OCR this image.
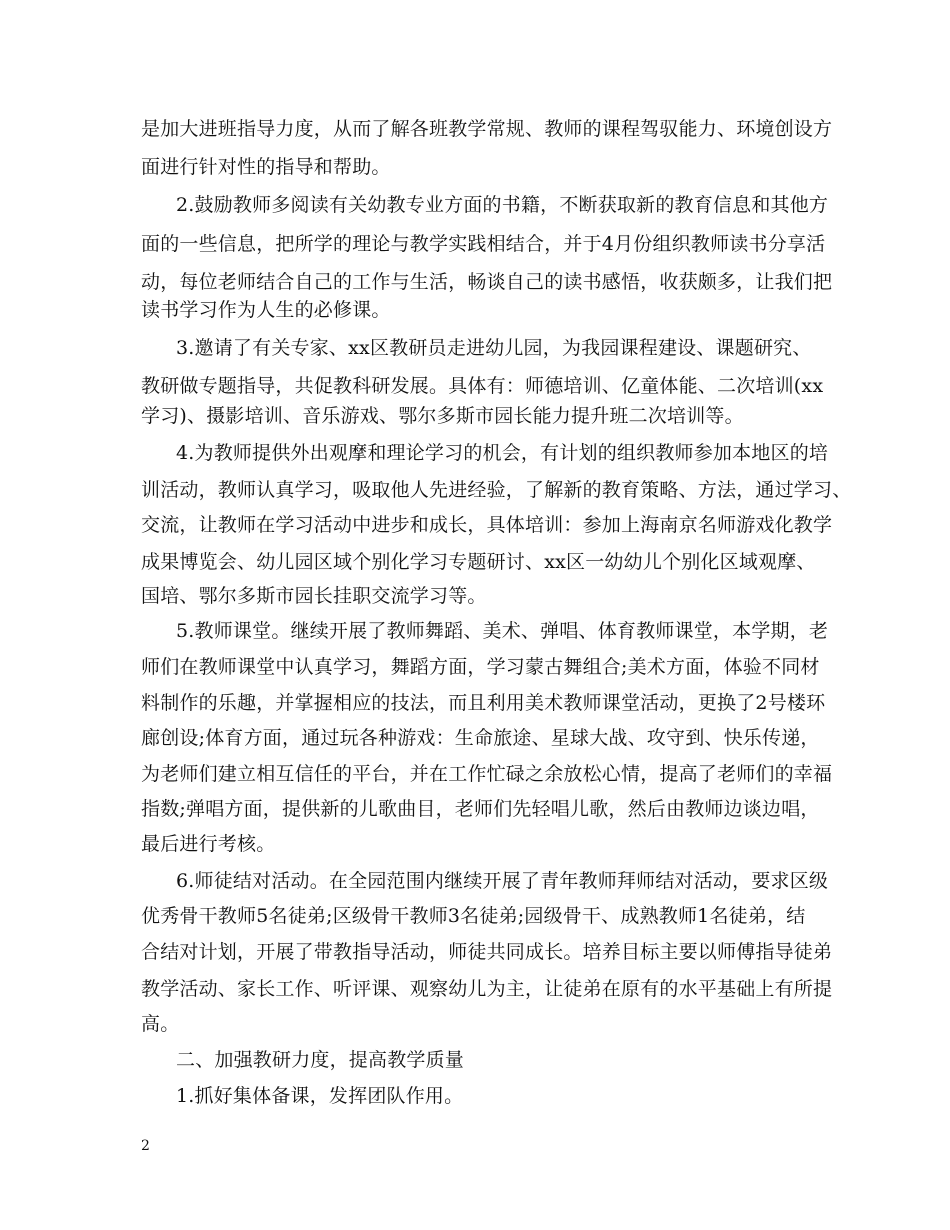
是加大进班指导力度，从而了解各班教学常规、教师的课程驾驭能力、环境创设方
面进行针对性的指导和帮助。
2.鼓励教师多阅读有关幼教专业方面的书籍，不断获取新的教育信息和其他方
面的一些信息，把所学的理论与教学实践相结合，并于4月份组织教师读书分享活
动，每位老师结合自己的工作与生活，畅谈自己的读书感悟，收获颇多，让我们把
读书学习作为人生的必修课。
3.邀请了有关专家、xx区教研员走进幼儿园，为我园课程建设、课题研究、
教研做专题指导，共促教科研发展。具体有：师德培训、亿童体能、二次培训(xx
学习)、摄影培训、音乐游戏、鄂尔多斯市园长能力提升班二次培训等。
4.为教师提供外出观摩和理论学习的机会，有计划的组织教师参加本地区的培
训活动，教师认真学习，吸取他人先进经验，了解新的教育策略、方法，通过学习、
交流，让教师在学习活动中进步和成长，具体培训：参加上海南京名师游戏化教学
成果博览会、幼儿园区域个别化学习专题研讨、xx区一幼幼儿个别化区域观摩、
国培、鄂尔多斯市园长挂职交流学习等。
5.教师课堂。继续开展了教师舞蹈、美术、弹唱、体育教师课堂，本学期，老
师们在教师课堂中认真学习，舞蹈方面，学习蒙古舞组合;美术方面，体验不同材
料制作的乐趣，并掌握相应的技法，而且利用美术教师课堂活动，更换了2号楼环
廊创设;体育方面，通过玩各种游戏：生命旅途、星球大战、攻守到、快乐传递，
为老师们建立相互信任的平台，并在工作忙碌之余放松心情，提高了老师们的幸福
指数;弹唱方面，提供新的儿歌曲目，老师们先轻唱儿歌，然后由教师边谈边唱，
最后进行考核。
6.师徒结对活动。在全园范围内继续开展了青年教师拜师结对活动，要求区级
优秀骨干教师5名徒弟;区级骨干教师3名徒弟;园级骨干、成熟教师1名徒弟，结
合结对计划，开展了带教指导活动，师徒共同成长。培养目标主要以师傅指导徒弟
教学活动、家长工作、听评课、观察幼儿为主，让徒弟在原有的水平基础上有所提
高。
二、加强教研力度，提高教学质量
1.抓好集体备课，发挥团队作用。
2
